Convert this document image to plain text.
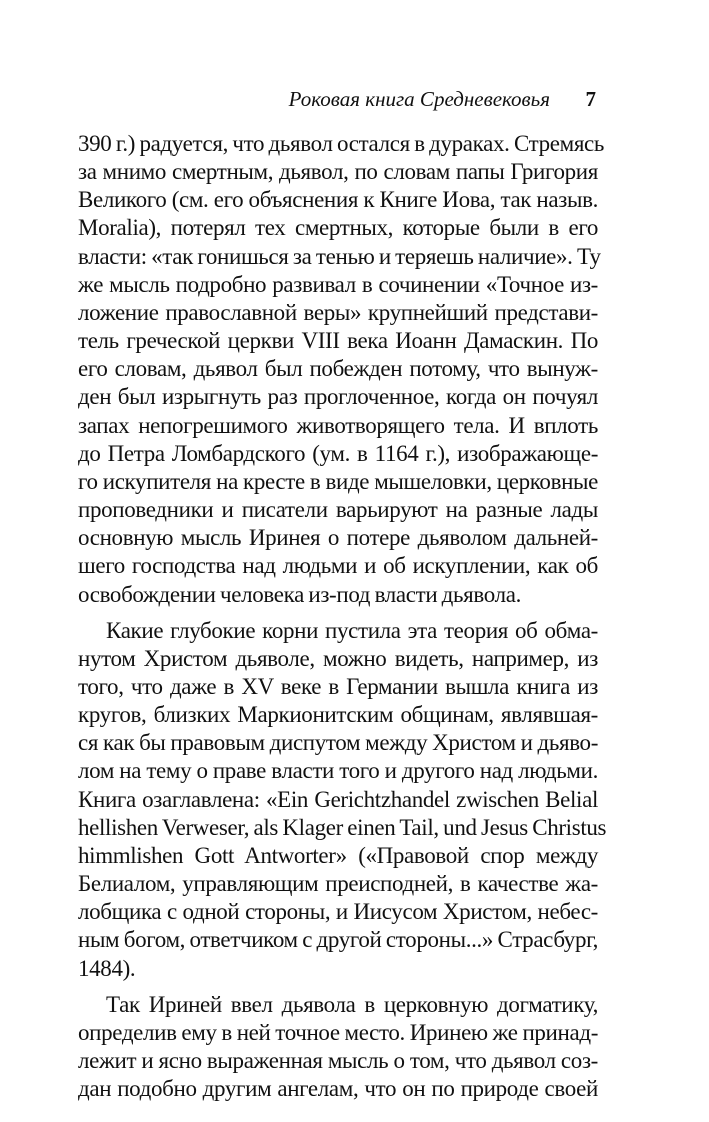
Роковая книга Средневековья 7

390 г.) радуется, что дьявол остался в дураках. Стремясь
за мнимо смертным, дьявол, по словам папы Григория
Великого (см. его объяснения к Книге Иова, так назыв.
Moralia), потерял тех смертных, которые были в его
власти: «так гонишься за тенью и теряешь наличие». Ту
же мысль подробно развивал в сочинении «Точное из-
ложение православной веры» крупнейший представи-
тель греческой церкви VIII века Иоанн Дамаскин. По
его словам, дьявол был побежден потому, что вынуж-
ден был изрыгнуть раз проглоченное, когда он почуял
запах непогрешимого животворящего тела. И вплоть
до Петра Ломбардского (ум. в 1164 г.), изображающе-
го искупителя на кресте в виде мышеловки, церковные
проповедники и писатели варьируют на разные лады
основную мысль Иринея о потере дьяволом дальней-
шего господства над людьми и об искуплении, как об
освобождении человека из-под власти дьявола.

Какие глубокие корни пустила эта теория об обма-
нутом Христом дьяволе, можно видеть, например, из
того, что даже в XV веке в Германии вышла книга из
кругов, близких Маркионитским общинам, являвшая-
ся как бы правовым диспутом между Христом и дьяво-
лом на тему о праве власти того и другого над людьми.
Книга озаглавлена: «Ein Gerichtzhandel zwischen Belial
hellishen Verweser, als Klager einen Tail, und Jesus Christus
himmlishen Gott Antworter» («Правовой спор между
Белиалом, управляющим преисподней, в качестве жа-
лобщика с одной стороны, и Иисусом Христом, небес-
ным богом, ответчиком с другой стороны...» Страсбург,
1484).

Так Ириней ввел дьявола в церковную догматику,
определив ему в ней точное место. Иринею же принад-
лежит и ясно выраженная мысль о том, что дьявол соз-
дан подобно другим ангелам, что он по природе своей
